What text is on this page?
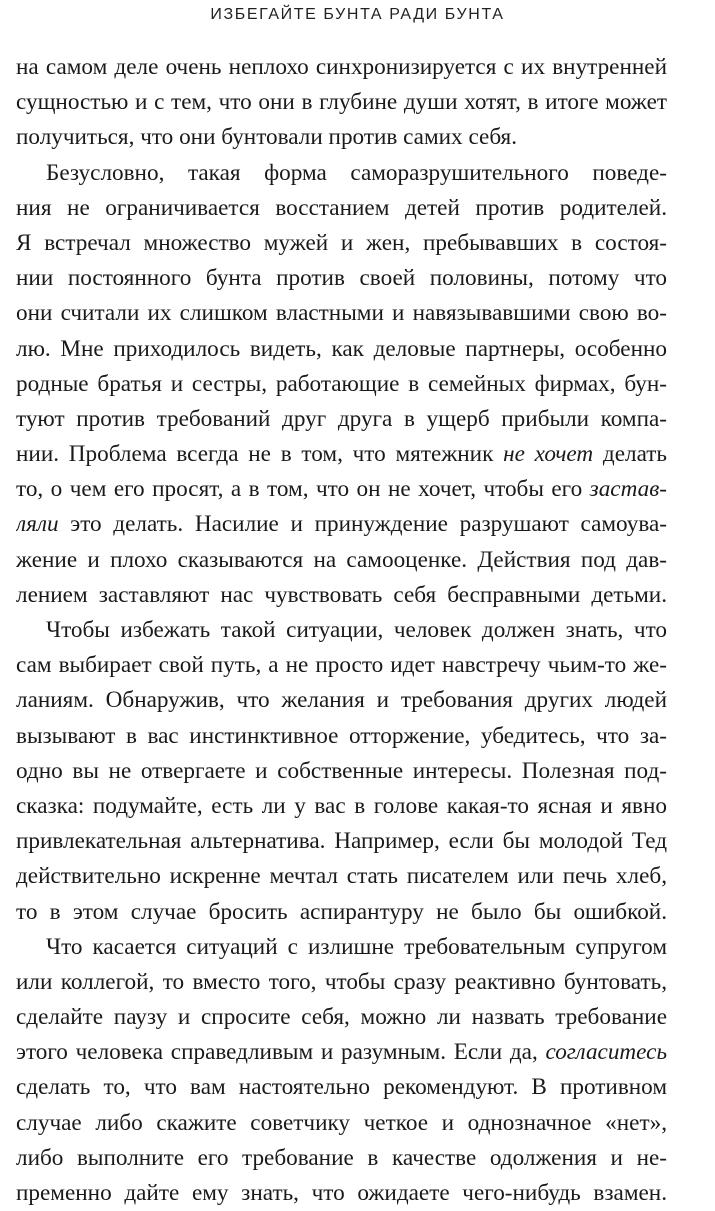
ИЗБЕГАЙТЕ БУНТА РАДИ БУНТА
на самом деле очень неплохо синхронизируется с их внутренней
сущностью и с тем, что они в глубине души хотят, в итоге может
получиться, что они бунтовали против самих себя.
Безусловно, такая форма саморазрушительного поведе-
ния не ограничивается восстанием детей против родителей.
Я встречал множество мужей и жен, пребывавших в состоя-
нии постоянного бунта против своей половины, потому что
они считали их слишком властными и навязывавшими свою во-
лю. Мне приходилось видеть, как деловые партнеры, особенно
родные братья и сестры, работающие в семейных фирмах, бун-
туют против требований друг друга в ущерб прибыли компа-
нии. Проблема всегда не в том, что мятежник не хочет делать
то, о чем его просят, а в том, что он не хочет, чтобы его застав-
ляли это делать. Насилие и принуждение разрушают самоува-
жение и плохо сказываются на самооценке. Действия под дав-
лением заставляют нас чувствовать себя бесправными детьми.
Чтобы избежать такой ситуации, человек должен знать, что
сам выбирает свой путь, а не просто идет навстречу чьим-то же-
ланиям. Обнаружив, что желания и требования других людей
вызывают в вас инстинктивное отторжение, убедитесь, что за-
одно вы не отвергаете и собственные интересы. Полезная под-
сказка: подумайте, есть ли у вас в голове какая-то ясная и явно
привлекательная альтернатива. Например, если бы молодой Тед
действительно искренне мечтал стать писателем или печь хлеб,
то в этом случае бросить аспирантуру не было бы ошибкой.
Что касается ситуаций с излишне требовательным супругом
или коллегой, то вместо того, чтобы сразу реактивно бунтовать,
сделайте паузу и спросите себя, можно ли назвать требование
этого человека справедливым и разумным. Если да, согласитесь
сделать то, что вам настоятельно рекомендуют. В противном
случае либо скажите советчику четкое и однозначное «нет»,
либо выполните его требование в качестве одолжения и не-
пременно дайте ему знать, что ожидаете чего-нибудь взамен.
